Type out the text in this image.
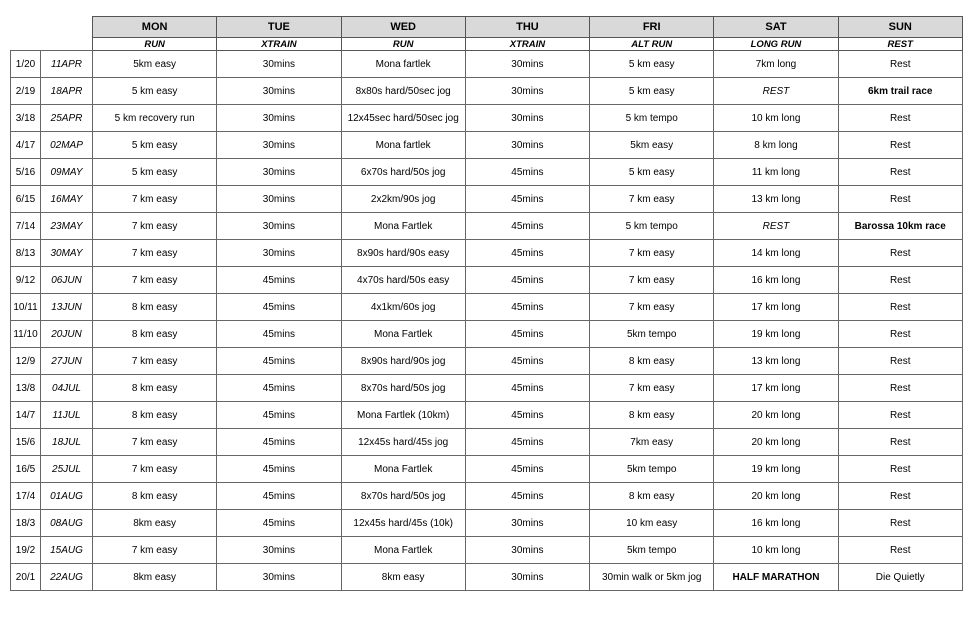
		MON	TUE	WED	THU	FRI	SAT	SUN
		RUN	XTRAIN	RUN	XTRAIN	ALT RUN	LONG RUN	REST
1/20	11APR	5km easy	30mins	Mona fartlek	30mins	5 km easy	7km long	Rest
2/19	18APR	5 km easy	30mins	8x80s hard/50sec jog	30mins	5 km easy	REST	6km trail race
3/18	25APR	5 km recovery run	30mins	12x45sec hard/50sec jog	30mins	5 km tempo	10 km long	Rest
4/17	02MAP	5 km easy	30mins	Mona fartlek	30mins	5km easy	8 km long	Rest
5/16	09MAY	5 km easy	30mins	6x70s hard/50s jog	45mins	5 km easy	11 km long	Rest
6/15	16MAY	7 km easy	30mins	2x2km/90s jog	45mins	7 km easy	13 km long	Rest
7/14	23MAY	7 km easy	30mins	Mona Fartlek	45mins	5 km tempo	REST	Barossa 10km race
8/13	30MAY	7 km easy	30mins	8x90s hard/90s easy	45mins	7 km easy	14 km long	Rest
9/12	06JUN	7 km easy	45mins	4x70s hard/50s easy	45mins	7 km easy	16 km long	Rest
10/11	13JUN	8 km easy	45mins	4x1km/60s jog	45mins	7 km easy	17 km long	Rest
11/10	20JUN	8 km easy	45mins	Mona Fartlek	45mins	5km tempo	19 km long	Rest
12/9	27JUN	7 km easy	45mins	8x90s hard/90s jog	45mins	8 km easy	13 km long	Rest
13/8	04JUL	8 km easy	45mins	8x70s hard/50s jog	45mins	7 km easy	17 km long	Rest
14/7	11JUL	8 km easy	45mins	Mona Fartlek (10km)	45mins	8 km easy	20 km long	Rest
15/6	18JUL	7 km easy	45mins	12x45s hard/45s jog	45mins	7km easy	20 km long	Rest
16/5	25JUL	7 km easy	45mins	Mona Fartlek	45mins	5km tempo	19 km long	Rest
17/4	01AUG	8 km easy	45mins	8x70s hard/50s jog	45mins	8 km easy	20 km long	Rest
18/3	08AUG	8km easy	45mins	12x45s hard/45s (10k)	30mins	10 km easy	16 km long	Rest
19/2	15AUG	7 km easy	30mins	Mona Fartlek	30mins	5km tempo	10 km long	Rest
20/1	22AUG	8km easy	30mins	8km easy	30mins	30min walk or 5km jog	HALF MARATHON	Die Quietly
